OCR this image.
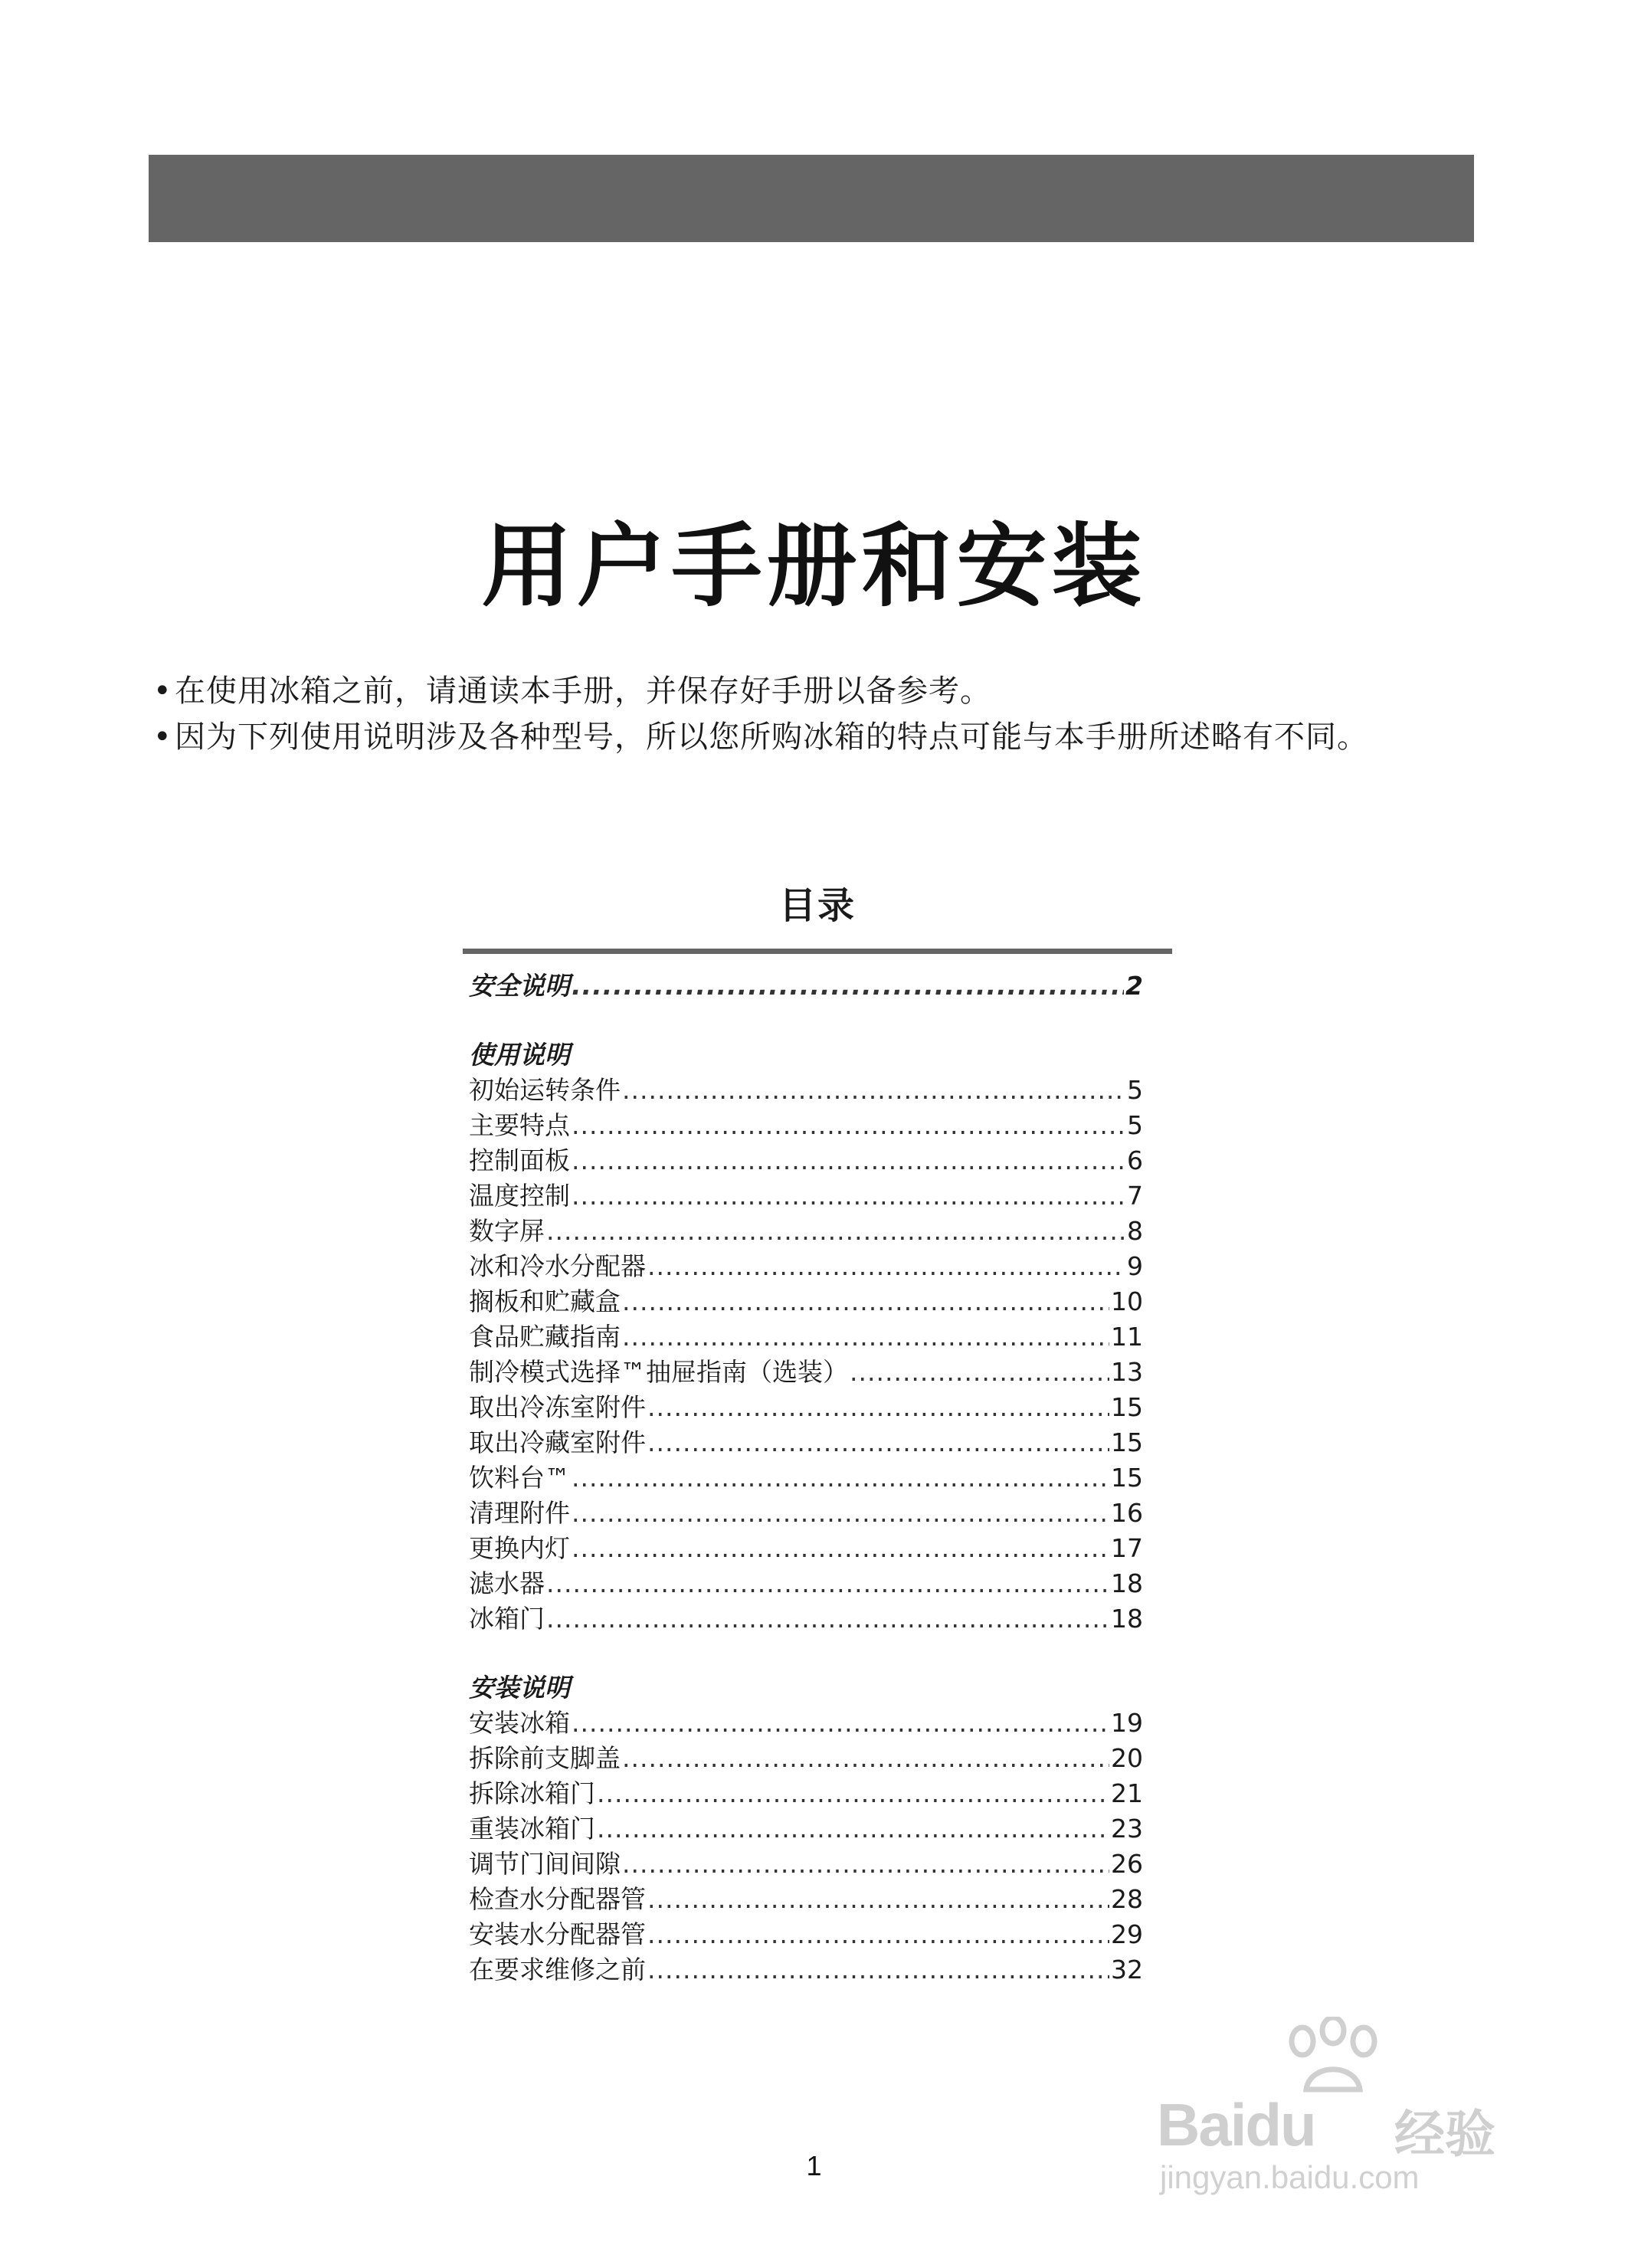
用户手册和安装
• 在使用冰箱之前，请通读本手册，并保存好手册以备参考。
• 因为下列使用说明涉及各种型号，所以您所购冰箱的特点可能与本手册所述略有不同。
目录
安全说明 .....	2
使用说明
初始运转条件 .....	5
主要特点 .....	5
控制面板 .....	6
温度控制 .....	7
数字屏 .....	8
冰和冷水分配器 .....	9
搁板和贮藏盒 .....	10
食品贮藏指南 .....	11
制冷模式选择™抽屉指南（选装） .....	13
取出冷冻室附件 .....	15
取出冷藏室附件 .....	15
饮料台™ .....	15
清理附件 .....	16
更换内灯 .....	17
滤水器 .....	18
冰箱门 .....	18
安装说明
安装冰箱 .....	19
拆除前支脚盖 .....	20
拆除冰箱门 .....	21
重装冰箱门 .....	23
调节门间间隙 .....	26
检查水分配器管 .....	28
安装水分配器管 .....	29
在要求维修之前 .....	32
Baidu 经验
jingyan.baidu.com
1
